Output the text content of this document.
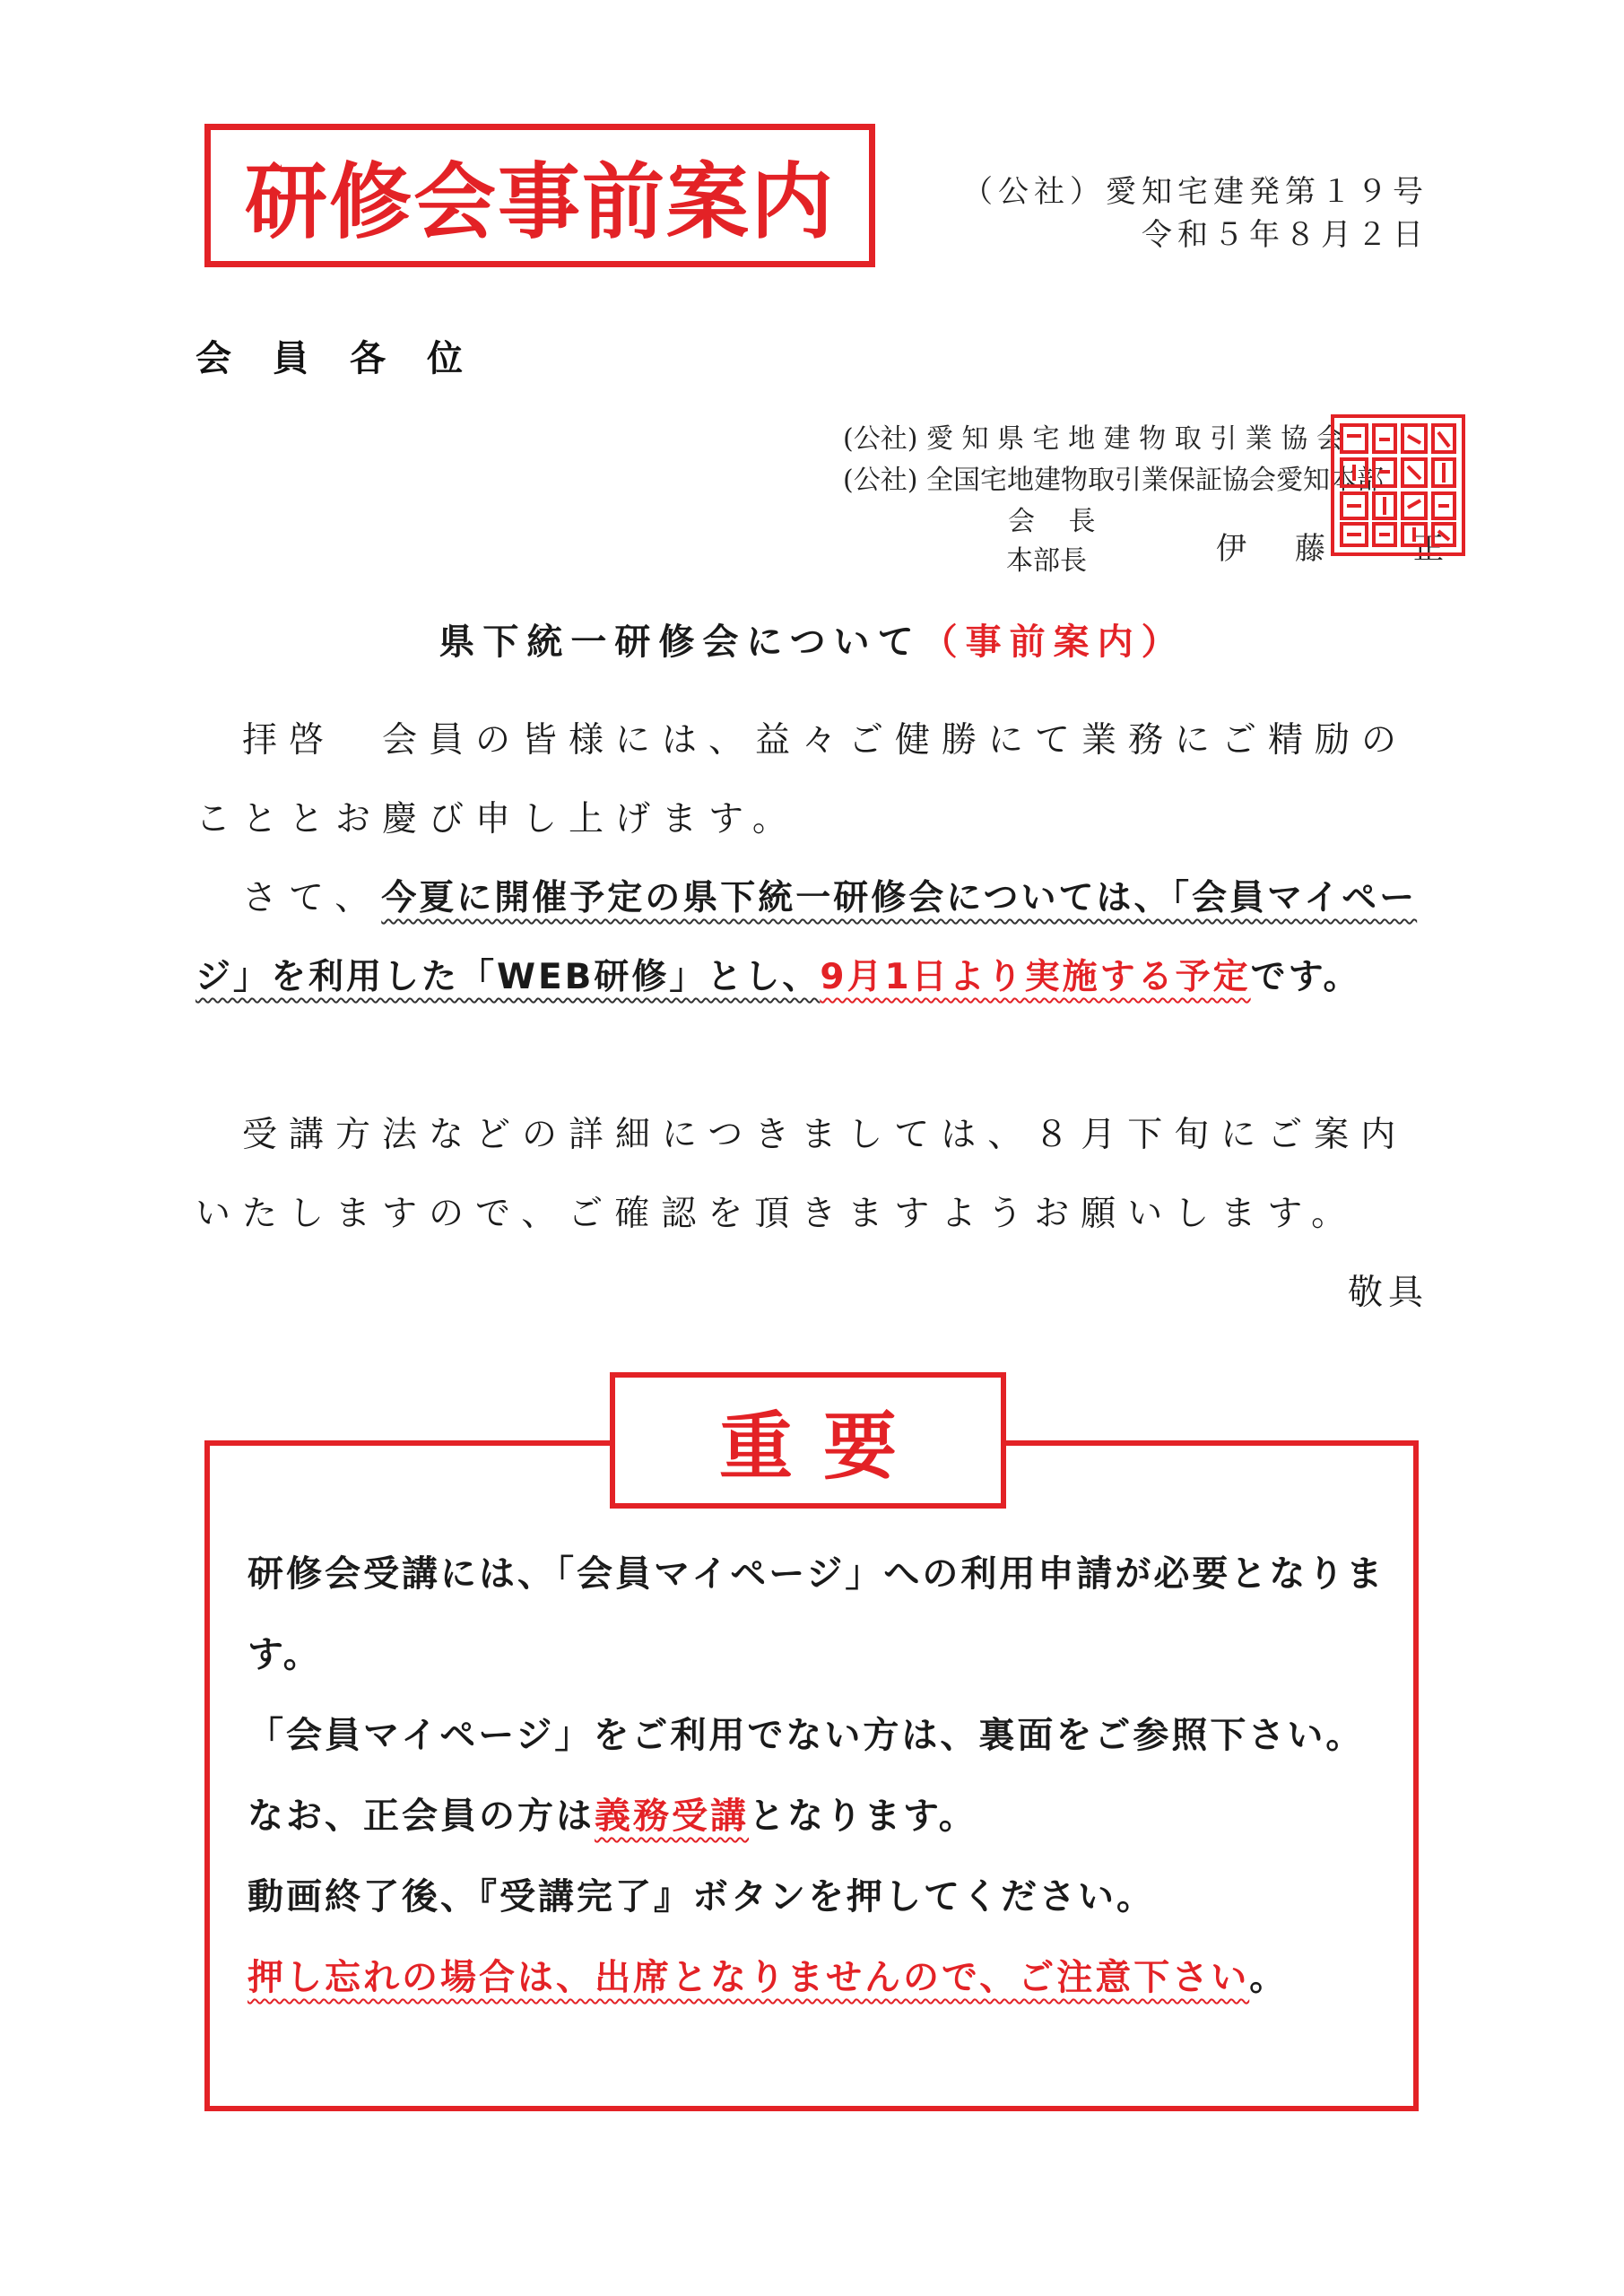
研修会事前案内	（公社）愛知宅建発第１９号
令和５年８月２日
会員各位
(公社) 愛 知 県 宅 地 建 物 取 引 業 協 会
(公社) 全国宅地建物取引業保証協会愛知本部
会 長
本部長	伊　藤　　正
県下統一研修会について（事前案内）
拝啓　会員の皆様には、益々ご健勝にて業務にご精励のこととお慶び申し上げます。
さて、今夏に開催予定の県下統一研修会については、「会員マイページ」を利用した「WEB研修」とし、9月1日より実施する予定です。
受講方法などの詳細につきましては、８月下旬にご案内いたしますので、ご確認を頂きますようお願いします。
敬具
重要

研修会受講には、「会員マイページ」への利用申請が必要となります。

「会員マイページ」をご利用でない方は、裏面をご参照下さい。

なお、正会員の方は義務受講となります。

動画終了後、『受講完了』ボタンを押してください。

押し忘れの場合は、出席となりませんので、ご注意下さい。
